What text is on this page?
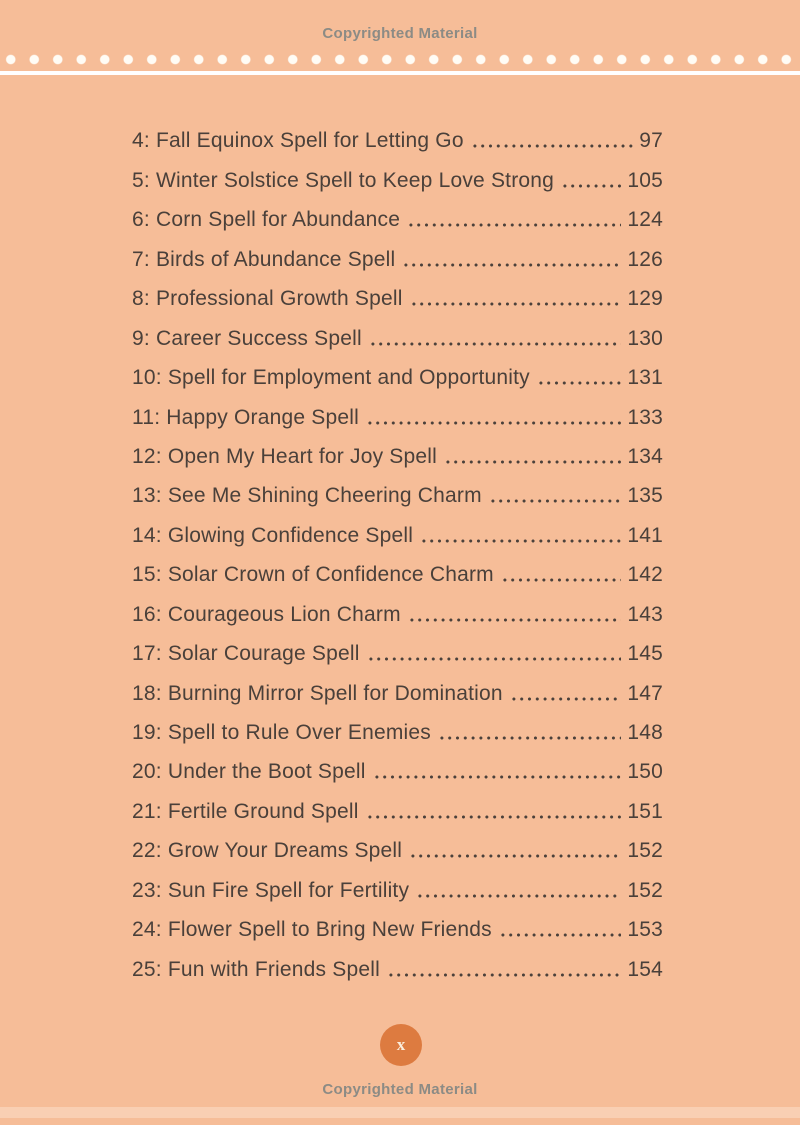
Copyrighted Material
4: Fall Equinox Spell for Letting Go	97
5: Winter Solstice Spell to Keep Love Strong	105
6: Corn Spell for Abundance	124
7: Birds of Abundance Spell	126
8: Professional Growth Spell	129
9: Career Success Spell	130
10: Spell for Employment and Opportunity	131
11: Happy Orange Spell	133
12: Open My Heart for Joy Spell	134
13: See Me Shining Cheering Charm	135
14: Glowing Confidence Spell	141
15: Solar Crown of Confidence Charm	142
16: Courageous Lion Charm	143
17: Solar Courage Spell	145
18: Burning Mirror Spell for Domination	147
19: Spell to Rule Over Enemies	148
20: Under the Boot Spell	150
21: Fertile Ground Spell	151
22: Grow Your Dreams Spell	152
23: Sun Fire Spell for Fertility	152
24: Flower Spell to Bring New Friends	153
25: Fun with Friends Spell	154
x
Copyrighted Material
